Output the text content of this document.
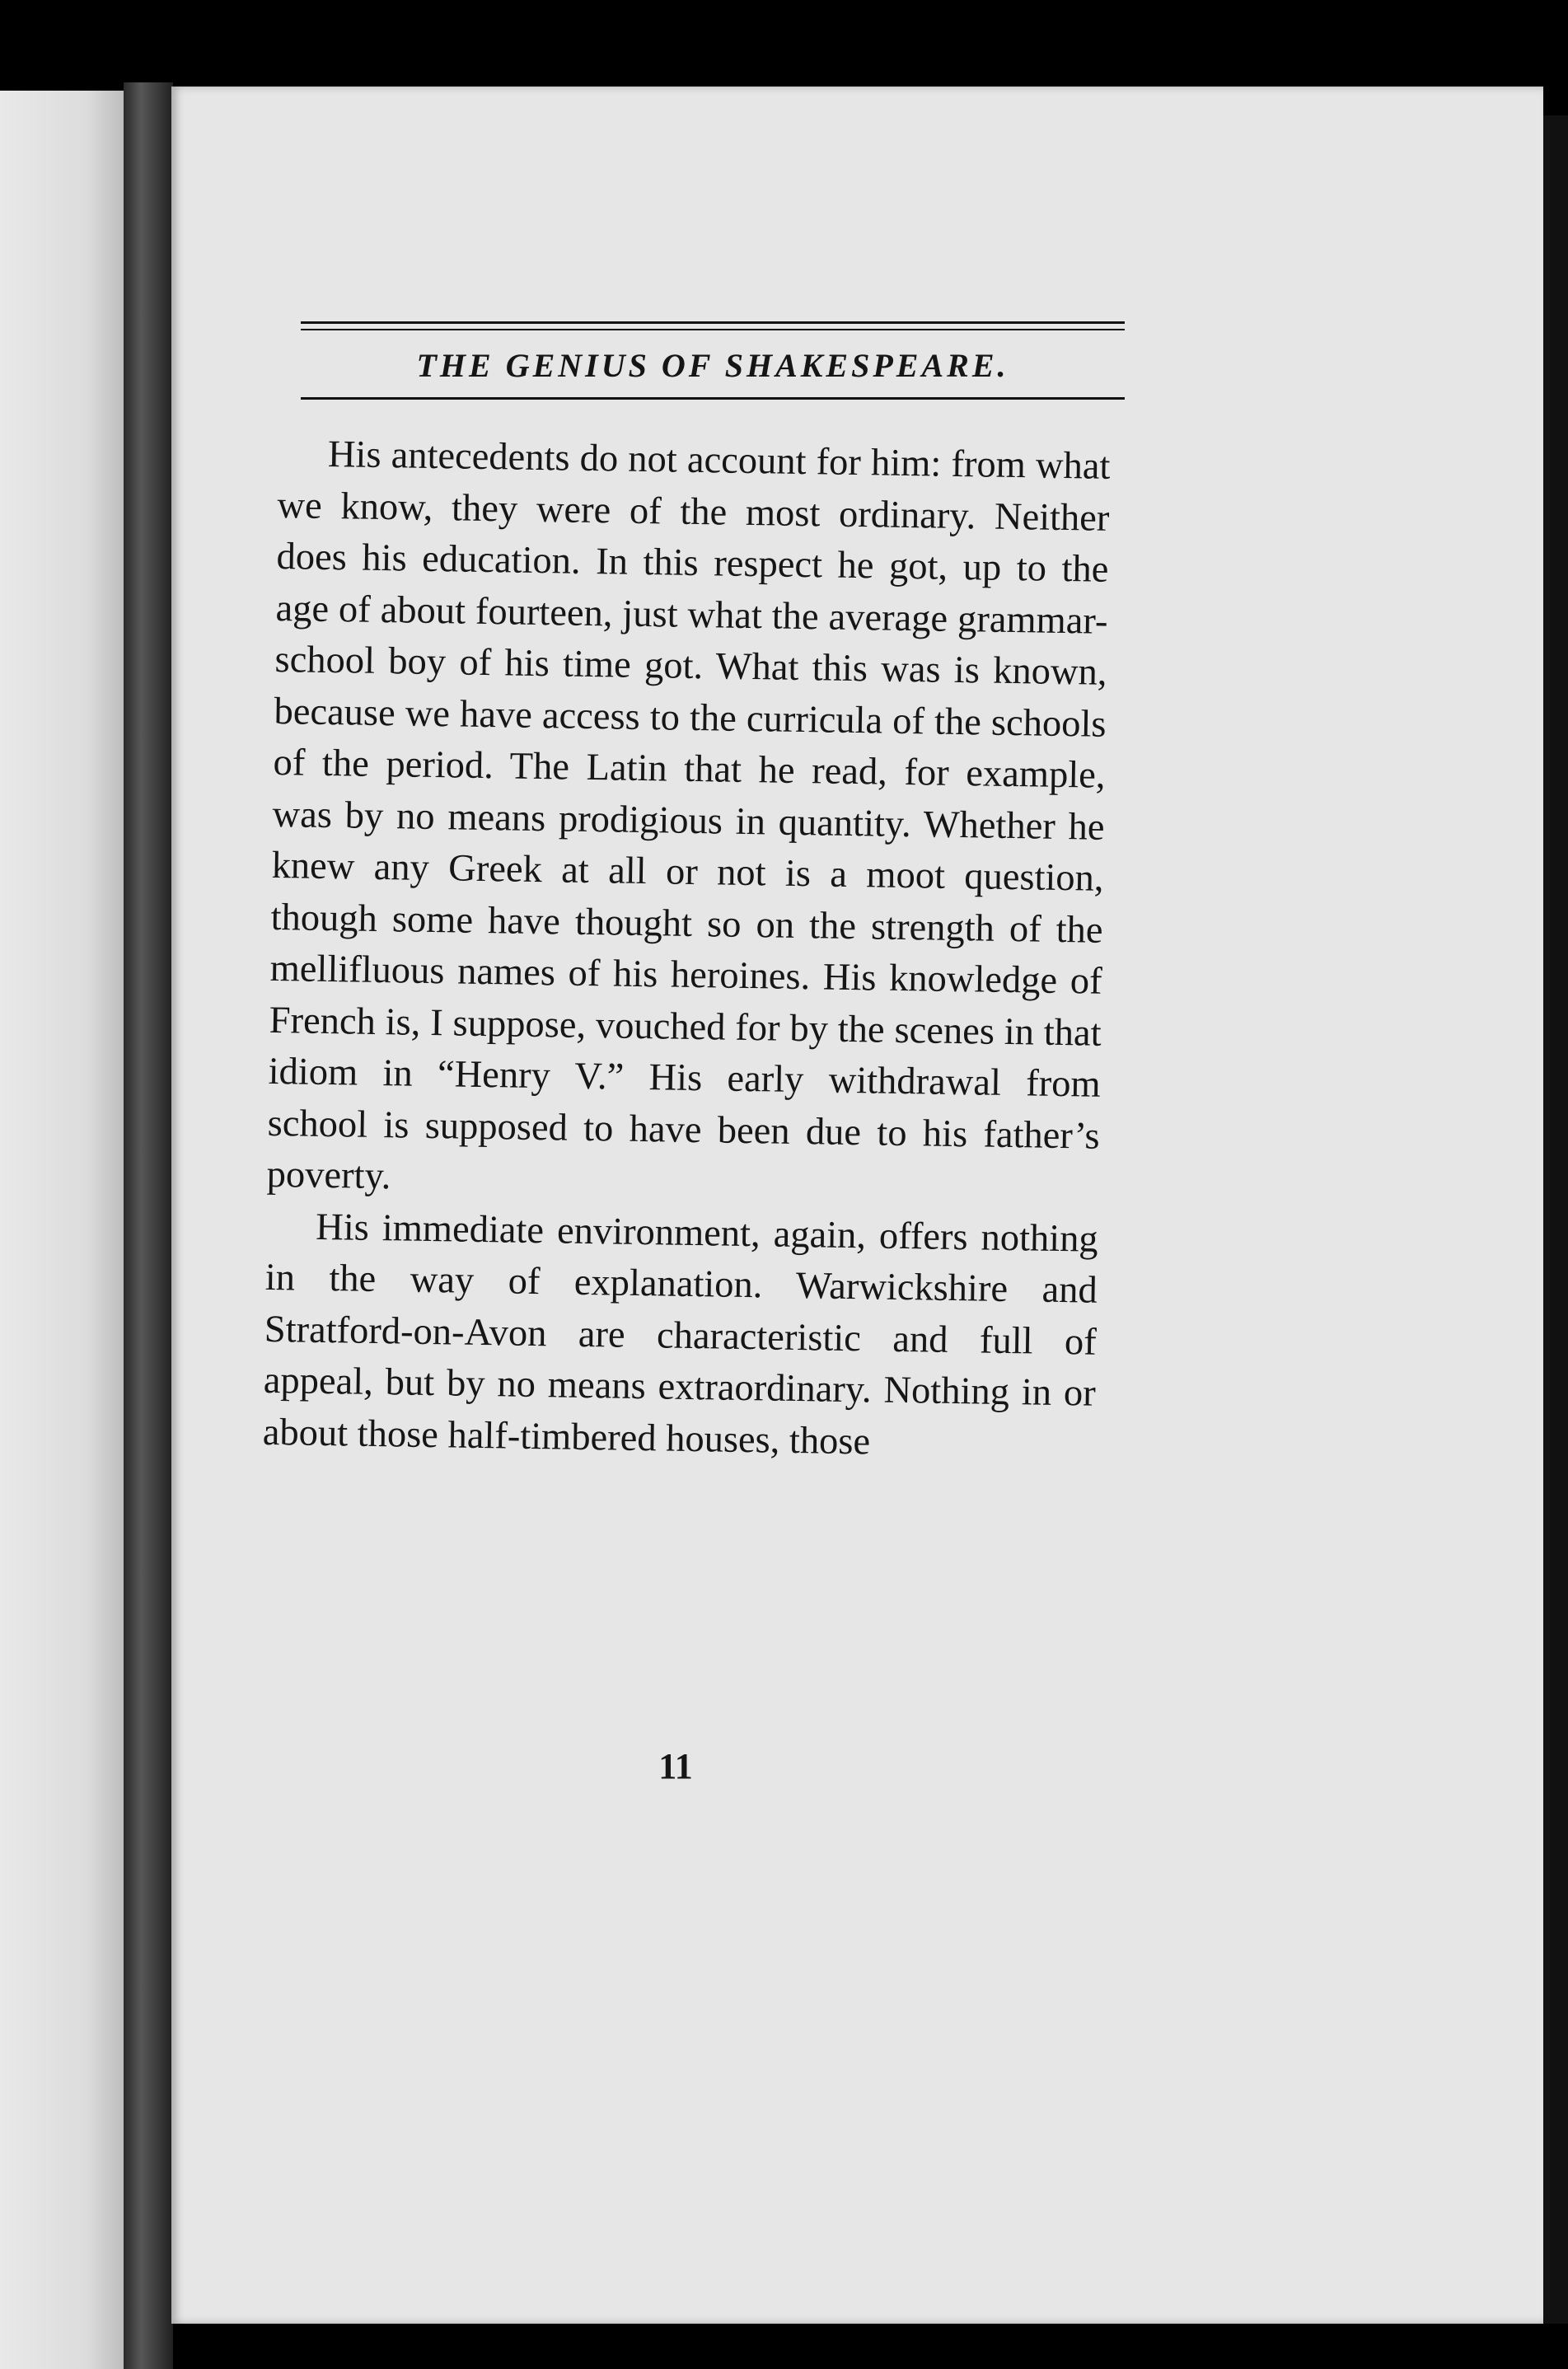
THE GENIUS OF SHAKESPEARE.

His antecedents do not account for him: from what we know, they were of the most ordinary. Neither does his education. In this respect he got, up to the age of about fourteen, just what the average grammar-school boy of his time got. What this was is known, because we have access to the curricula of the schools of the period. The Latin that he read, for example, was by no means prodigious in quantity. Whether he knew any Greek at all or not is a moot question, though some have thought so on the strength of the mellifluous names of his heroines. His knowledge of French is, I suppose, vouched for by the scenes in that idiom in “Henry V.” His early withdrawal from school is supposed to have been due to his father’s poverty.

His immediate environment, again, offers nothing in the way of explanation. Warwickshire and Stratford-on-Avon are characteristic and full of appeal, but by no means extraordinary. Nothing in or about those half-timbered houses, those

11
